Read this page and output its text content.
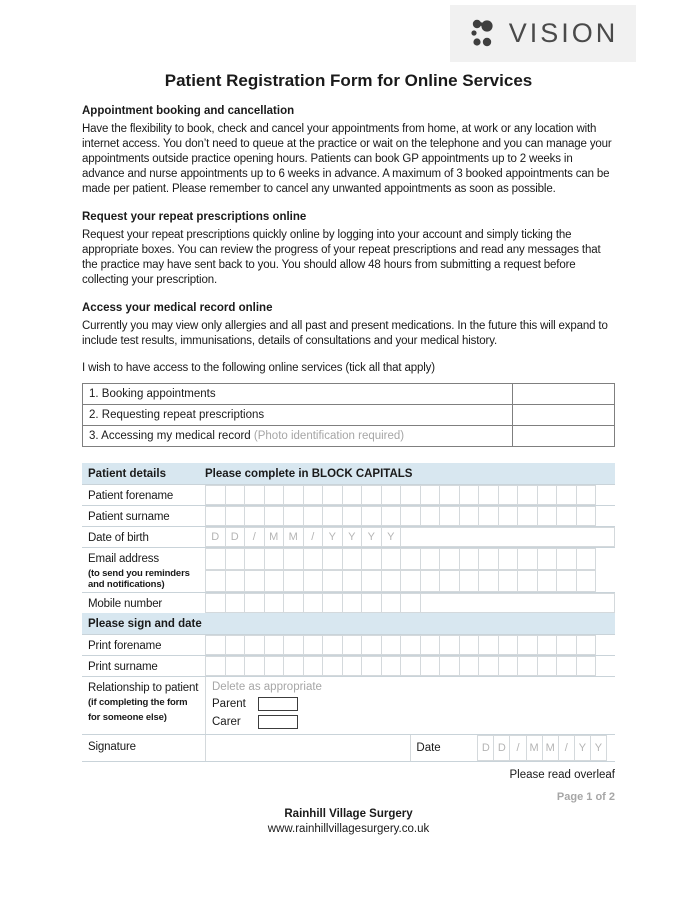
VISION
Patient Registration Form for Online Services
Appointment booking and cancellation
Have the flexibility to book, check and cancel your appointments from home, at work or any location with internet access. You don’t need to queue at the practice or wait on the telephone and you can manage your appointments outside practice opening hours. Patients can book GP appointments up to 2 weeks in advance and nurse appointments up to 6 weeks in advance. A maximum of 3 booked appointments can be made per patient. Please remember to cancel any unwanted appointments as soon as possible.
Request your repeat prescriptions online
Request your repeat prescriptions quickly online by logging into your account and simply ticking the appropriate boxes. You can review the progress of your repeat prescriptions and read any messages that the practice may have sent back to you. You should allow 48 hours from submitting a request before collecting your prescription.
Access your medical record online
Currently you may view only allergies and all past and present medications. In the future this will expand to include test results, immunisations, details of consultations and your medical history.
I wish to have access to the following online services (tick all that apply)
1. Booking appointments
2. Requesting repeat prescriptions
3. Accessing my medical record (Photo identification required)
Patient details	Please complete in BLOCK CAPITALS
Patient forename
Patient surname
Date of birth	D	D	/	M M	/	Y	Y	Y	Y
Email address
(to send you reminders and notifications)
Mobile number
Please sign and date
Print forename
Print surname
Relationship to patient (if completing the form for someone else)
Delete as appropriate
Parent
Carer
Signature	Date	D D / M M / Y Y
Please read overleaf
Page 1 of 2
Rainhill Village Surgery
www.rainhillvillagesurgery.co.uk
